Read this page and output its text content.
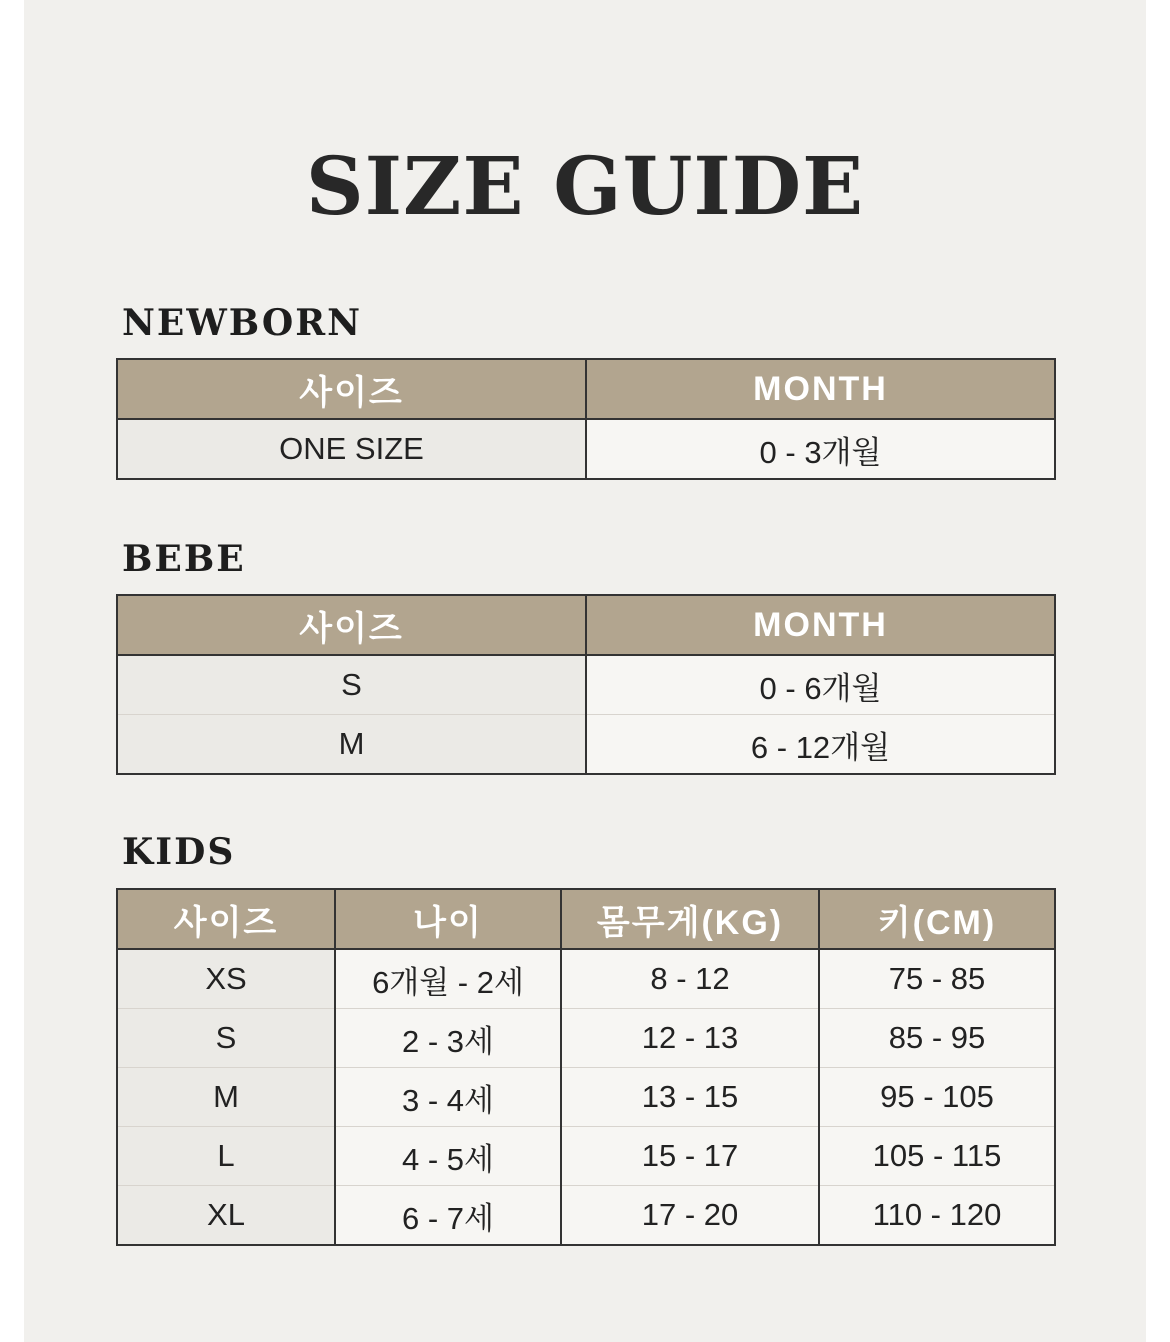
SIZE GUIDE
NEWBORN
사이즈	MONTH
ONE SIZE	0 - 3개월
BEBE
사이즈	MONTH
S	0 - 6개월
M	6 - 12개월
KIDS
사이즈	나이	몸무게(KG)	키(CM)
XS	6개월 - 2세	8 - 12	75 - 85
S	2 - 3세	12 - 13	85 - 95
M	3 - 4세	13 - 15	95 - 105
L	4 - 5세	15 - 17	105 - 115
XL	6 - 7세	17 - 20	110 - 120
